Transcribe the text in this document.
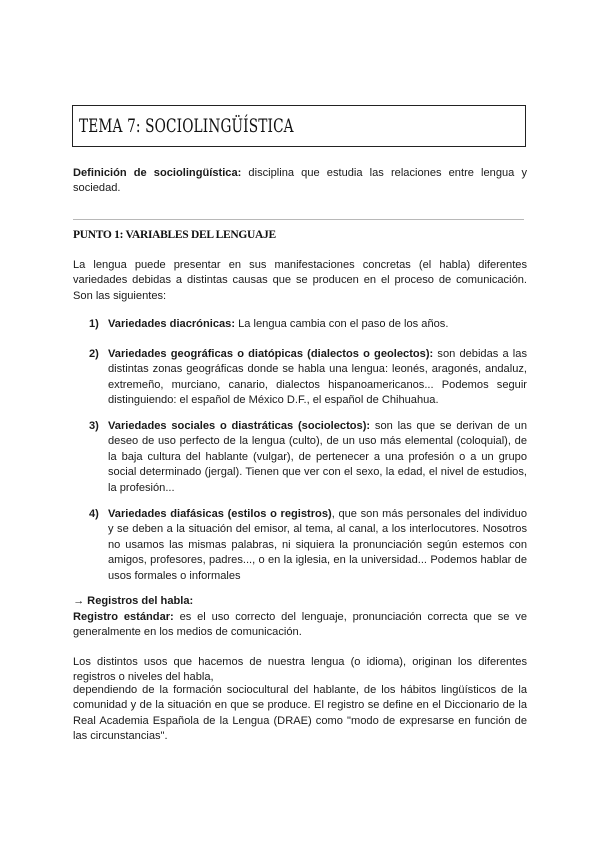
TEMA 7: SOCIOLINGÜÍSTICA

Definición de sociolingüística: disciplina que estudia las relaciones entre lengua y sociedad.

PUNTO 1: VARIABLES DEL LENGUAJE

La lengua puede presentar en sus manifestaciones concretas (el habla) diferentes variedades debidas a distintas causas que se producen en el proceso de comunicación. Son las siguientes:

1) Variedades diacrónicas: La lengua cambia con el paso de los años.

2) Variedades geográficas o diatópicas (dialectos o geolectos): son debidas a las distintas zonas geográficas donde se habla una lengua: leonés, aragonés, andaluz, extremeño, murciano, canario, dialectos hispanoamericanos... Podemos seguir distinguiendo: el español de México D.F., el español de Chihuahua.

3) Variedades sociales o diastráticas (sociolectos): son las que se derivan de un deseo de uso perfecto de la lengua (culto), de un uso más elemental (coloquial), de la baja cultura del hablante (vulgar), de pertenecer a una profesión o a un grupo social determinado (jergal). Tienen que ver con el sexo, la edad, el nivel de estudios, la profesión...

4) Variedades diafásicas (estilos o registros), que son más personales del individuo y se deben a la situación del emisor, al tema, al canal, a los interlocutores. Nosotros no usamos las mismas palabras, ni siquiera la pronunciación según estemos con amigos, profesores, padres..., o en la iglesia, en la universidad... Podemos hablar de usos formales o informales

→ Registros del habla:

Registro estándar: es el uso correcto del lenguaje, pronunciación correcta que se ve generalmente en los medios de comunicación.

Los distintos usos que hacemos de nuestra lengua (o idioma), originan los diferentes registros o niveles del habla,

dependiendo de la formación sociocultural del hablante, de los hábitos lingüísticos de la comunidad y de la situación en que se produce. El registro se define en el Diccionario de la Real Academia Española de la Lengua (DRAE) como "modo de expresarse en función de las circunstancias".
